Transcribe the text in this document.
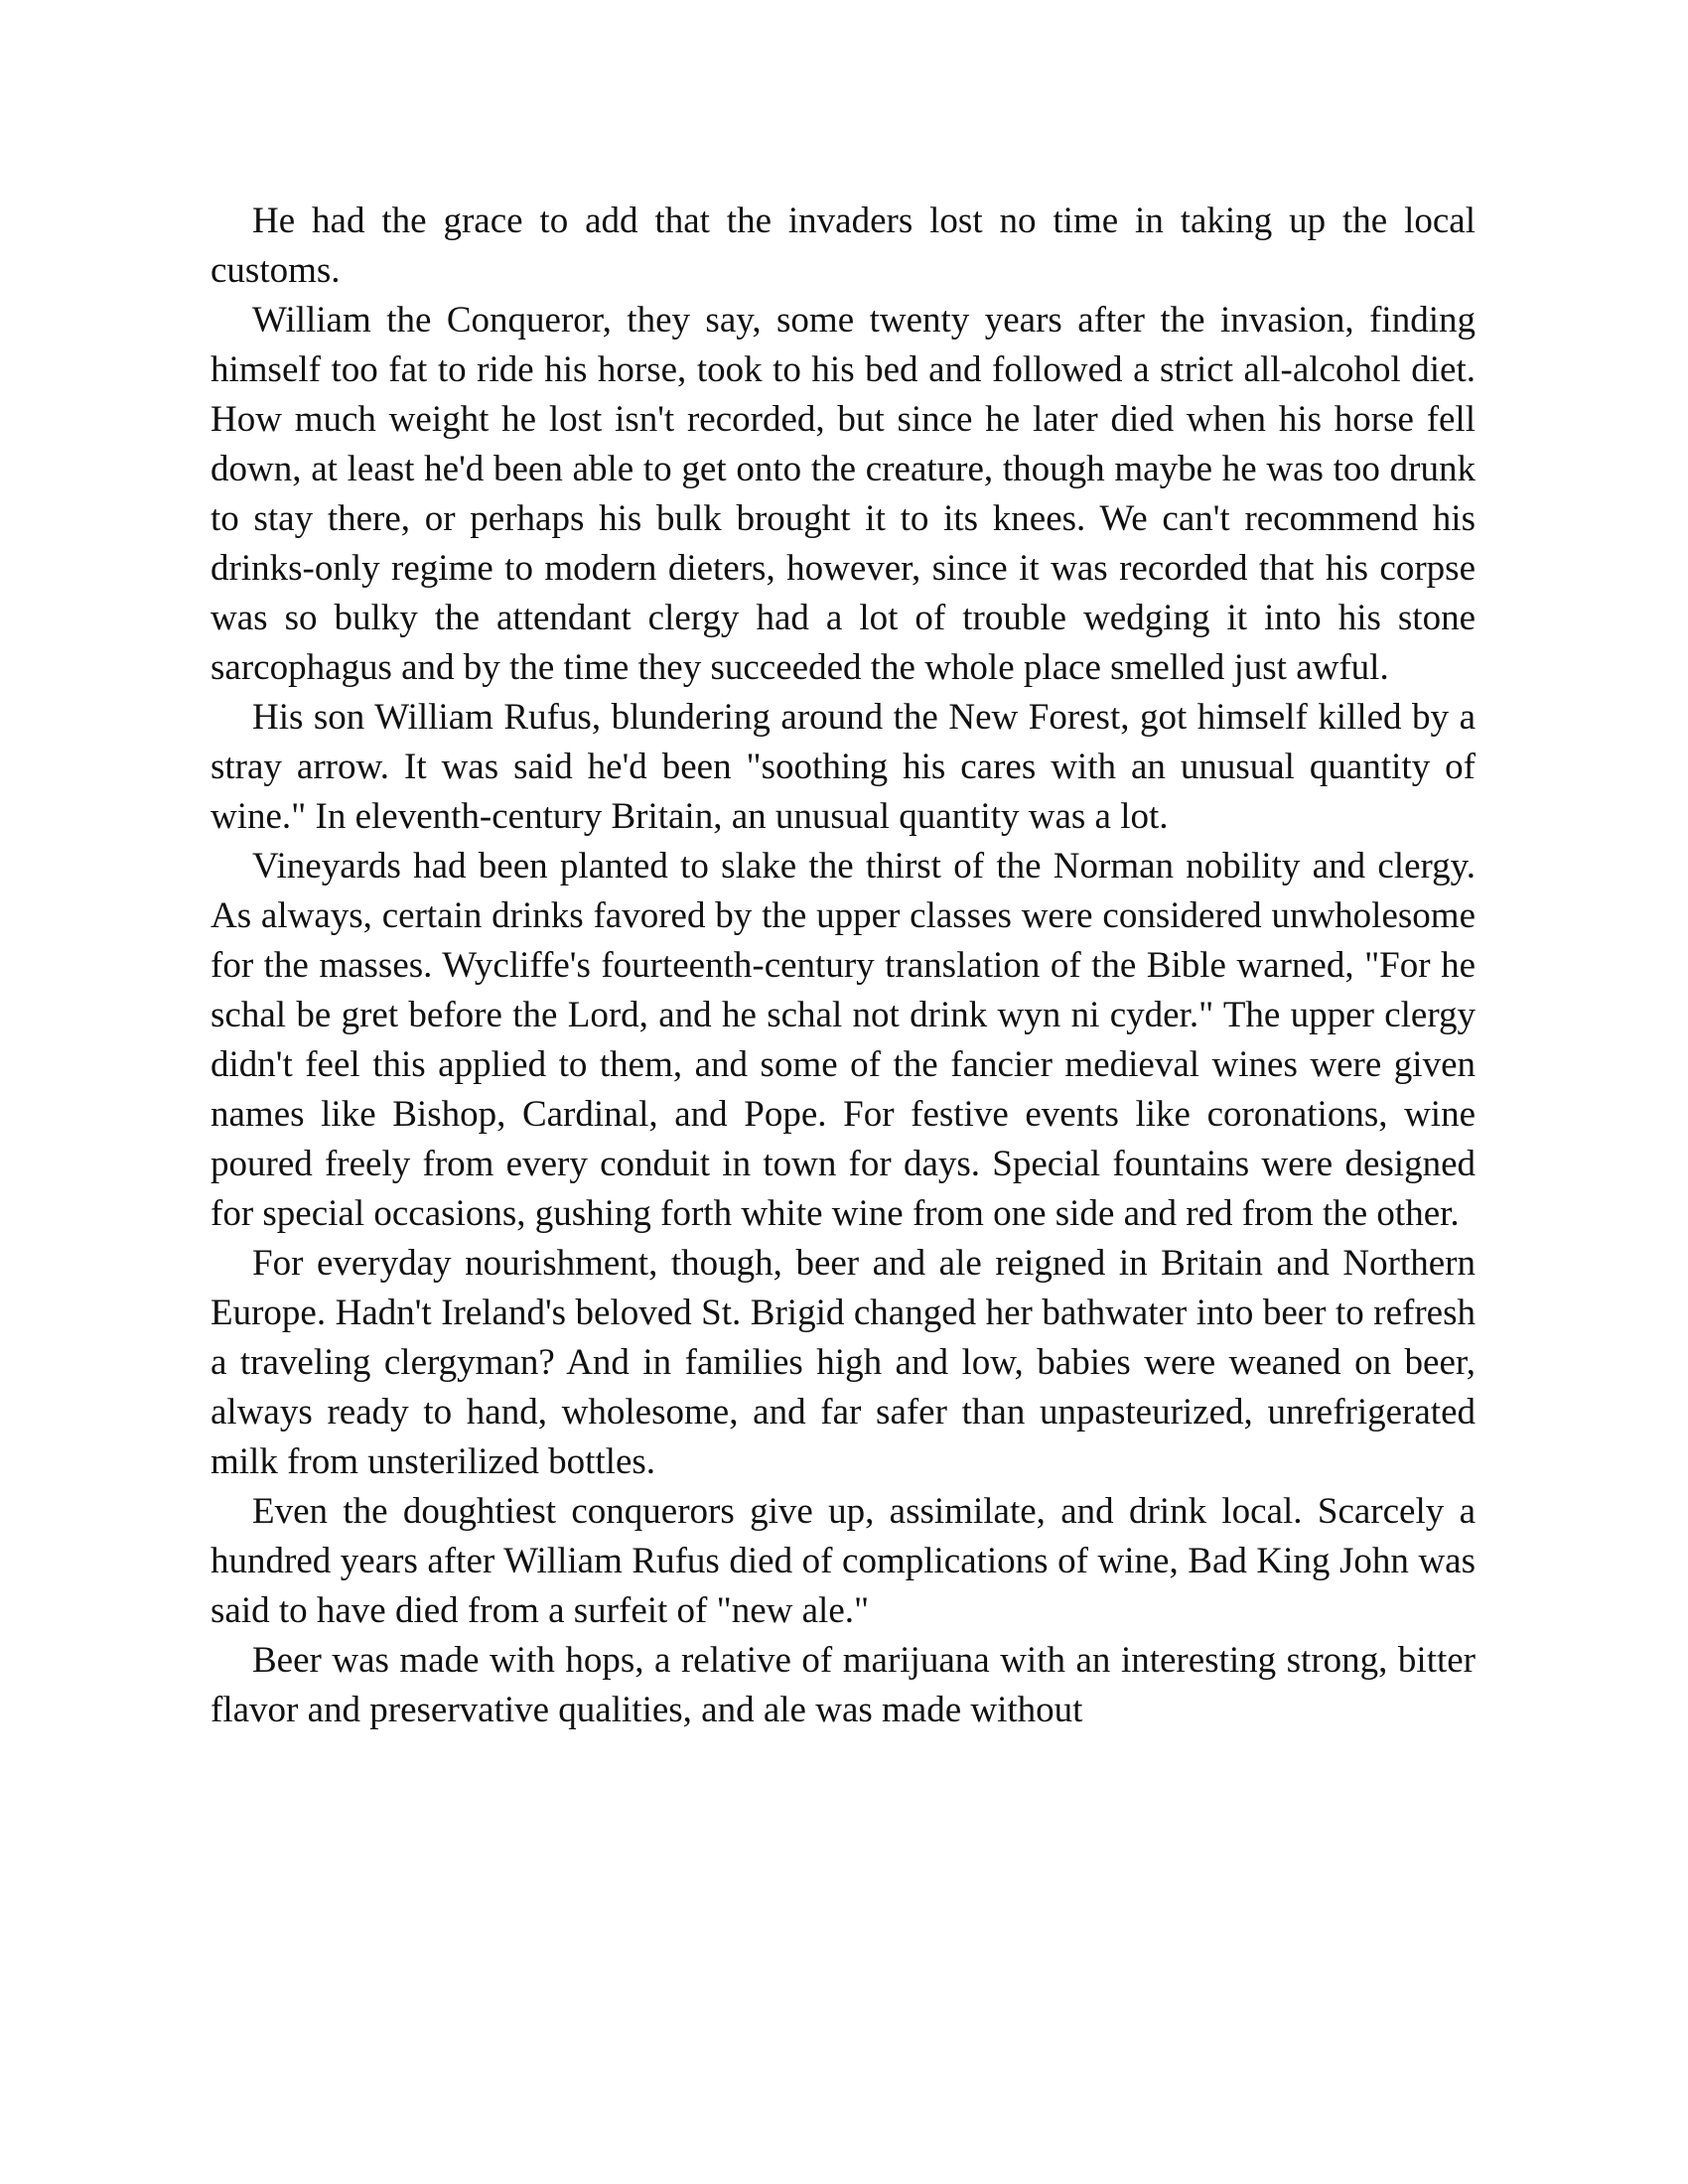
He had the grace to add that the invaders lost no time in taking up the local customs.

William the Conqueror, they say, some twenty years after the invasion, finding himself too fat to ride his horse, took to his bed and followed a strict all-alcohol diet. How much weight he lost isn't recorded, but since he later died when his horse fell down, at least he'd been able to get onto the creature, though maybe he was too drunk to stay there, or perhaps his bulk brought it to its knees. We can't recommend his drinks-only regime to modern dieters, however, since it was recorded that his corpse was so bulky the attendant clergy had a lot of trouble wedging it into his stone sarcophagus and by the time they succeeded the whole place smelled just awful.

His son William Rufus, blundering around the New Forest, got himself killed by a stray arrow. It was said he'd been "soothing his cares with an unusual quantity of wine." In eleventh-century Britain, an unusual quantity was a lot.

Vineyards had been planted to slake the thirst of the Norman nobility and clergy. As always, certain drinks favored by the upper classes were considered unwholesome for the masses. Wycliffe's fourteenth-century translation of the Bible warned, "For he schal be gret before the Lord, and he schal not drink wyn ni cyder." The upper clergy didn't feel this applied to them, and some of the fancier medieval wines were given names like Bishop, Cardinal, and Pope. For festive events like coronations, wine poured freely from every conduit in town for days. Special fountains were designed for special occasions, gushing forth white wine from one side and red from the other.

For everyday nourishment, though, beer and ale reigned in Britain and Northern Europe. Hadn't Ireland's beloved St. Brigid changed her bathwater into beer to refresh a traveling clergyman? And in families high and low, babies were weaned on beer, always ready to hand, wholesome, and far safer than unpasteurized, unrefrigerated milk from unsterilized bottles.

Even the doughtiest conquerors give up, assimilate, and drink local. Scarcely a hundred years after William Rufus died of complications of wine, Bad King John was said to have died from a surfeit of "new ale."

Beer was made with hops, a relative of marijuana with an interesting strong, bitter flavor and preservative qualities, and ale was made without
